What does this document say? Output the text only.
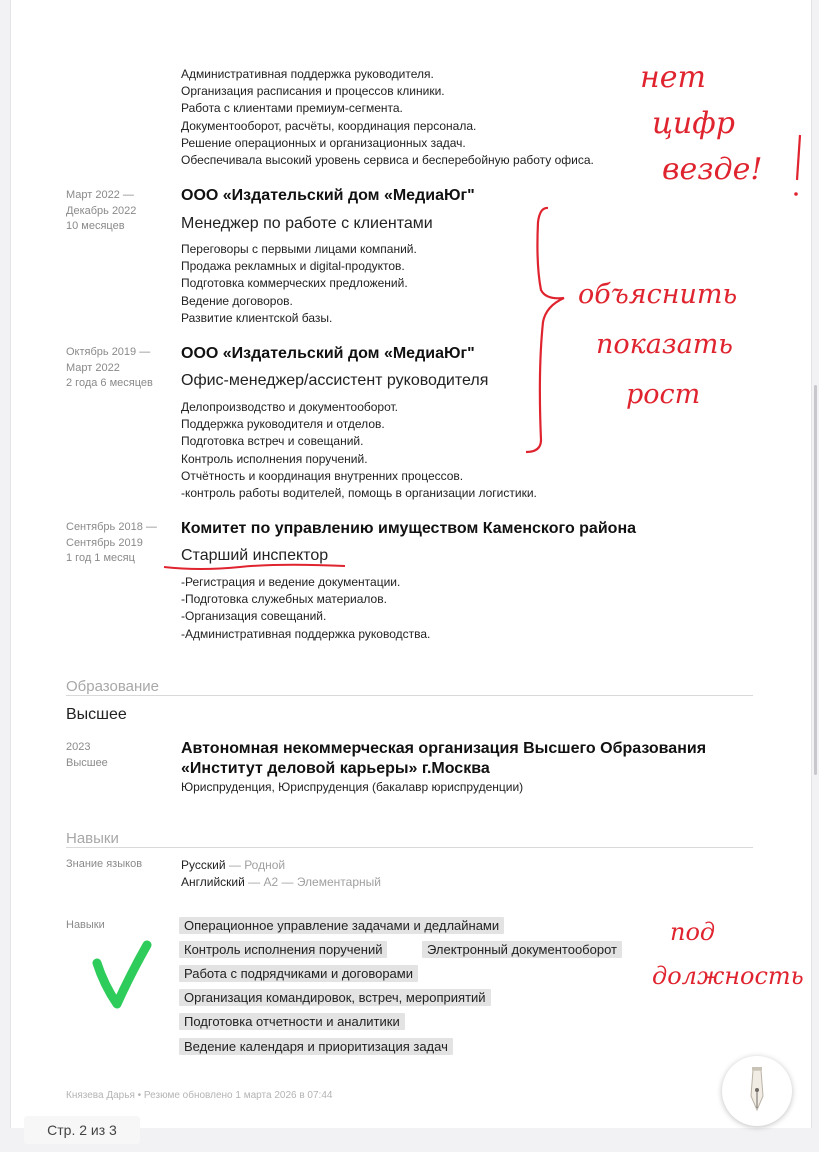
Административная поддержка руководителя.
Организация расписания и процессов клиники.
Работа с клиентами премиум-сегмента.
Документооборот, расчёты, координация персонала.
Решение операционных и организационных задач.
Обеспечивала высокий уровень сервиса и бесперебойную работу офиса.
Март 2022 —
Декабрь 2022
10 месяцев
ООО «Издательский дом «МедиаЮг"
Менеджер по работе с клиентами
Переговоры с первыми лицами компаний.
Продажа рекламных и digital-продуктов.
Подготовка коммерческих предложений.
Ведение договоров.
Развитие клиентской базы.
Октябрь 2019 —
Март 2022
2 года 6 месяцев
ООО «Издательский дом «МедиаЮг"
Офис-менеджер/ассистент руководителя
Делопроизводство и документооборот.
Поддержка руководителя и отделов.
Подготовка встреч и совещаний.
Контроль исполнения поручений.
Отчётность и координация внутренних процессов.
-контроль работы водителей, помощь в организации логистики.
Сентябрь 2018 —
Сентябрь 2019
1 год 1 месяц
Комитет по управлению имуществом Каменского района
Старший инспектор
-Регистрация и ведение документации.
-Подготовка служебных материалов.
-Организация совещаний.
-Административная поддержка руководства.
Образование
Высшее
2023
Высшее
Автономная некоммерческая организация Высшего Образования
«Институт деловой карьеры» г.Москва
Юриспруденция, Юриспруденция (бакалавр юриспруденции)
Навыки
Знание языков	Русский — Родной
Английский — A2 — Элементарный
Навыки	Операционное управление задачами и дедлайнами
Контроль исполнения поручений	Электронный документооборот
Работа с подрядчиками и договорами
Организация командировок, встреч, мероприятий
Подготовка отчетности и аналитики
Ведение календаря и приоритизация задач
Князева Дарья • Резюме обновлено 1 марта 2026 в 07:44
Стр. 2 из 3
нет
цифр
везде!
объяснить
показать
рост
под
должность
